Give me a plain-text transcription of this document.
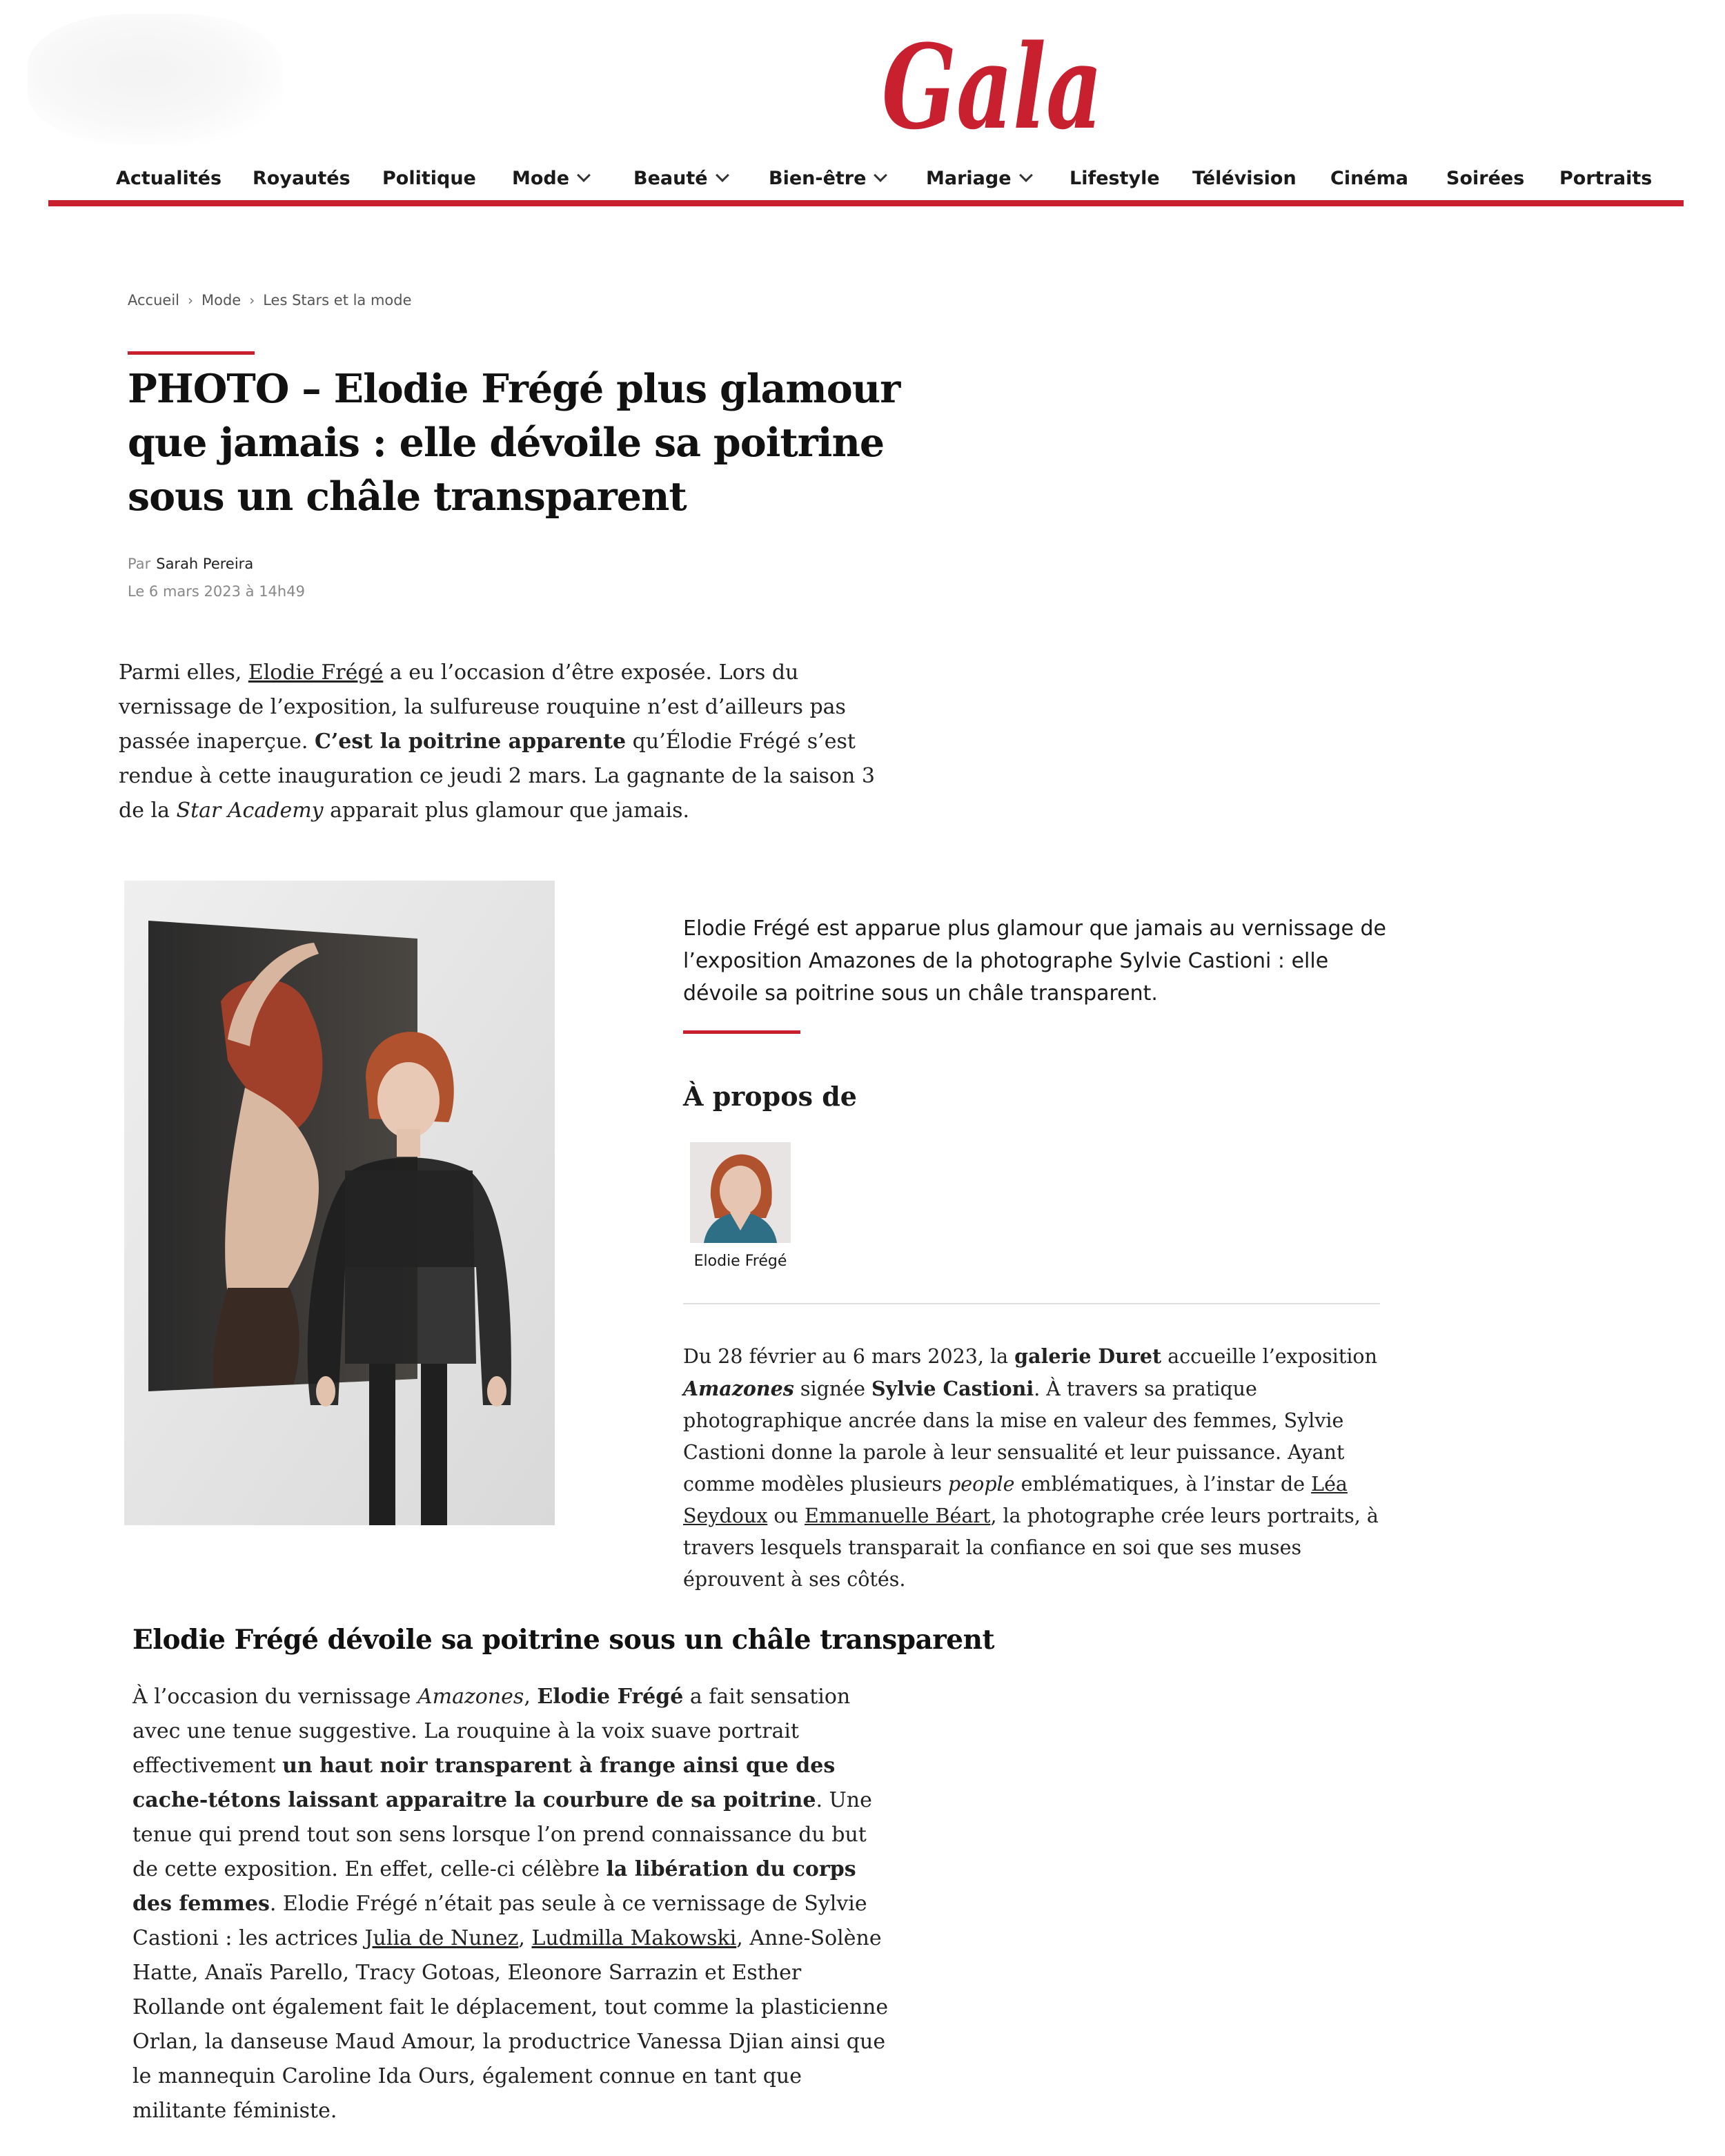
Gala
Actualités Royautés Politique Mode	Beauté	Bien-être	Mariage	Lifestyle Télévision Cinéma Soirées Portraits
Accueil › Mode › Les Stars et la mode
PHOTO – Elodie Frégé plus glamour que jamais : elle dévoile sa poitrine sous un châle transparent
Par Sarah Pereira
Le 6 mars 2023 à 14h49

Parmi elles, Elodie Frégé a eu l’occasion d’être exposée. Lors du vernissage de l’exposition, la sulfureuse rouquine n’est d’ailleurs pas passée inaperçue. C’est la poitrine apparente qu’Élodie Frégé s’est rendue à cette inauguration ce jeudi 2 mars. La gagnante de la saison 3 de la Star Academy apparait plus glamour que jamais.

Elodie Frégé est apparue plus glamour que jamais au vernissage de l’exposition Amazones de la photographe Sylvie Castioni : elle dévoile sa poitrine sous un châle transparent.

À propos de
Elodie Frégé

Du 28 février au 6 mars 2023, la galerie Duret accueille l’exposition Amazones signée Sylvie Castioni. À travers sa pratique photographique ancrée dans la mise en valeur des femmes, Sylvie Castioni donne la parole à leur sensualité et leur puissance. Ayant comme modèles plusieurs people emblématiques, à l’instar de Léa Seydoux ou Emmanuelle Béart, la photographe crée leurs portraits, à travers lesquels transparait la confiance en soi que ses muses éprouvent à ses côtés.

Elodie Frégé dévoile sa poitrine sous un châle transparent

À l’occasion du vernissage Amazones, Elodie Frégé a fait sensation avec une tenue suggestive. La rouquine à la voix suave portrait effectivement un haut noir transparent à frange ainsi que des cache-tétons laissant apparaitre la courbure de sa poitrine. Une tenue qui prend tout son sens lorsque l’on prend connaissance du but de cette exposition. En effet, celle-ci célèbre la libération du corps des femmes. Elodie Frégé n’était pas seule à ce vernissage de Sylvie Castioni : les actrices Julia de Nunez, Ludmilla Makowski, Anne-Solène Hatte, Anaïs Parello, Tracy Gotoas, Eleonore Sarrazin et Esther Rollande ont également fait le déplacement, tout comme la plasticienne Orlan, la danseuse Maud Amour, la productrice Vanessa Djian ainsi que le mannequin Caroline Ida Ours, également connue en tant que militante féministe.
